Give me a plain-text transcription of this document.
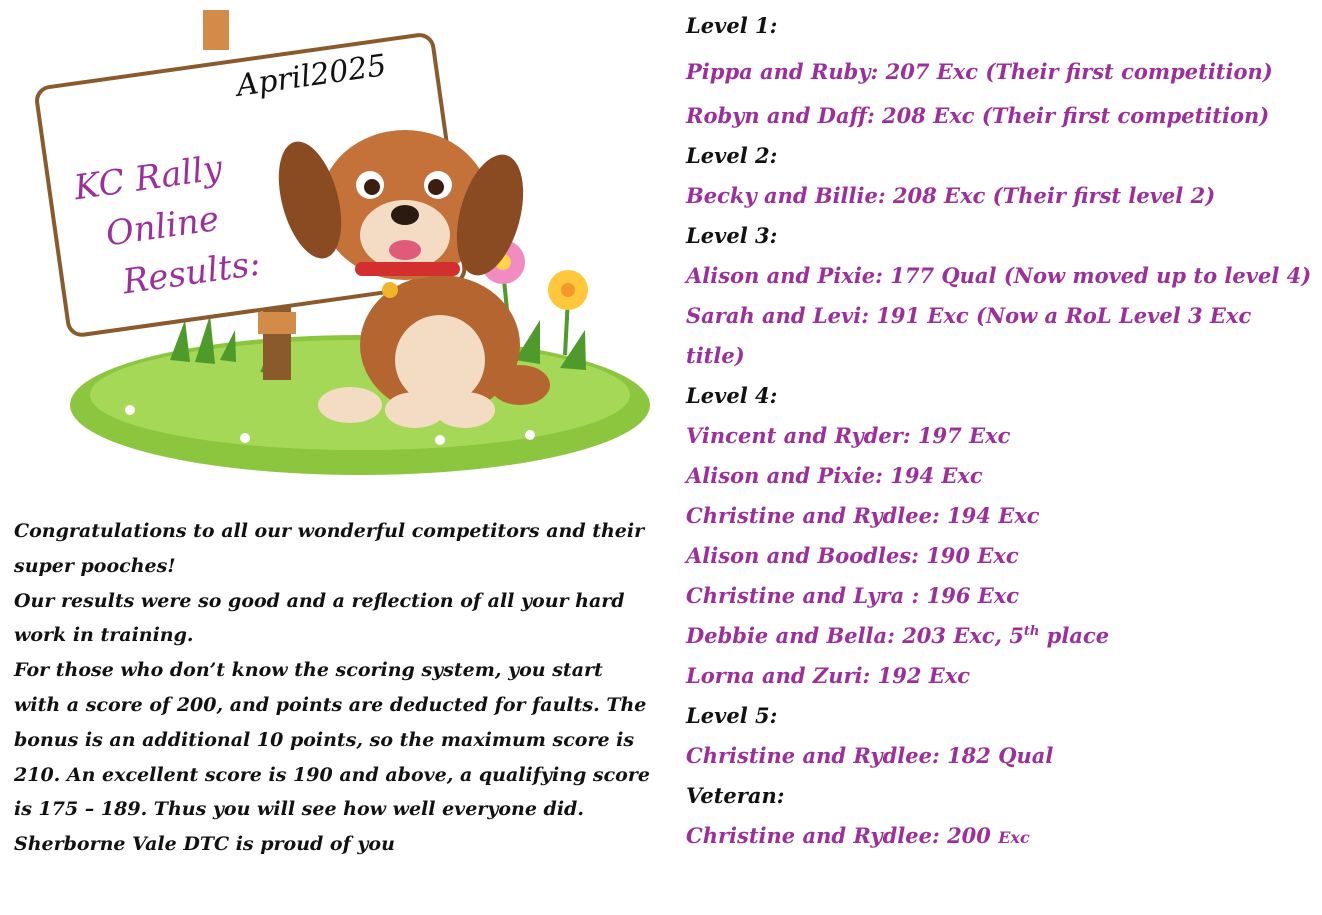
April2025
KC Rally
Online
Results:

Congratulations to all our wonderful competitors and their super pooches!

Our results were so good and a reflection of all your hard work in training.

For those who don’t know the scoring system, you start with a score of 200, and points are deducted for faults. The bonus is an additional 10 points, so the maximum score is 210. An excellent score is 190 and above, a qualifying score is 175 – 189. Thus you will see how well everyone did. Sherborne Vale DTC is proud of you

Level 1:
Pippa and Ruby: 207 Exc (Their first competition)
Robyn and Daff: 208 Exc (Their first competition)
Level 2:
Becky and Billie: 208 Exc (Their first level 2)
Level 3:
Alison and Pixie: 177 Qual (Now moved up to level 4)
Sarah and Levi: 191 Exc (Now a RoL Level 3 Exc title)
Level 4:
Vincent and Ryder: 197 Exc
Alison and Pixie: 194 Exc
Christine and Rydlee: 194 Exc
Alison and Boodles: 190 Exc
Christine and Lyra : 196 Exc
Debbie and Bella: 203 Exc, 5th place
Lorna and Zuri: 192 Exc
Level 5:
Christine and Rydlee: 182 Qual
Veteran:
Christine and Rydlee: 200 Exc
